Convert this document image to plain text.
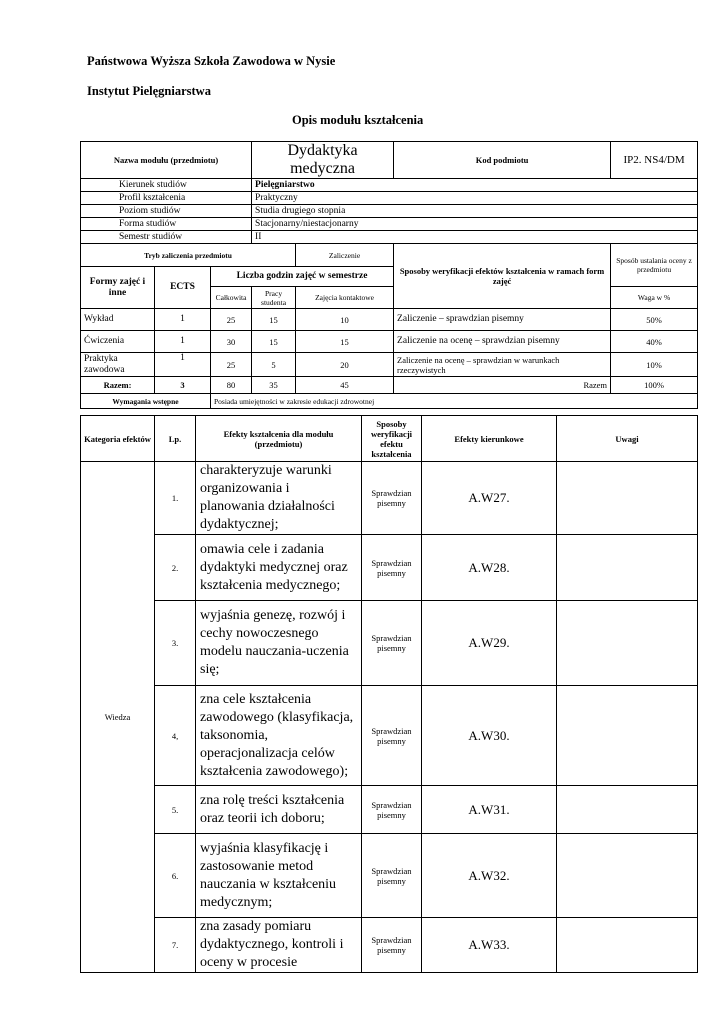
Państwowa Wyższa Szkoła Zawodowa w Nysie
Instytut Pielęgniarstwa
Opis modułu kształcenia
Nazwa modułu (przedmiotu)			Dydaktyka medyczna		Kod podmiotu	IP2. NS4/DM
Kierunek studiów			Pielęgniarstwo			
Profil kształcenia			Praktyczny			
Poziom studiów			Studia drugiego stopnia			
Forma studiów			Stacjonarny/niestacjonarny			
Semestr studiów			II			
Tryb zaliczenia przedmiotu				Zaliczenie	Sposoby weryfikacji efektów kształcenia w ramach form zajęć	Sposób ustalania oceny z przedmiotu
Formy zajęć i inne	ECTS	Liczba godzin zajęć w semestrze				
		Całkowita	Pracy studenta	Zajęcia kontaktowe		Waga w %
Wykład	1	25	15	10	Zaliczenie – sprawdzian pisemny	50%
Ćwiczenia	1	30	15	15	Zaliczenie na ocenę – sprawdzian pisemny	40%
Praktyka zawodowa	1	25	5	20	Zaliczenie na ocenę – sprawdzian w warunkach rzeczywistych	10%
Razem:	3	80	35	45	Razem	100%
Wymagania wstępne		Posiada umiejętności w zakresie edukacji zdrowotnej				
Kategoria efektów	Lp.	Efekty kształcenia dla modułu (przedmiotu)	Sposoby weryfikacji efektu kształcenia	Efekty kierunkowe	Uwagi
Wiedza	1.	charakteryzuje warunki organizowania i planowania działalności dydaktycznej;	Sprawdzian pisemny	A.W27.	
	2.	omawia cele i zadania dydaktyki medycznej oraz kształcenia medycznego;	Sprawdzian pisemny	A.W28.	
	3.	wyjaśnia genezę, rozwój i cechy nowoczesnego modelu nauczania-uczenia się;	Sprawdzian pisemny	A.W29.	
	4,	zna cele kształcenia zawodowego (klasyfikacja, taksonomia, operacjonalizacja celów kształcenia zawodowego);	Sprawdzian pisemny	A.W30.	
	5.	zna rolę treści kształcenia oraz teorii ich doboru;	Sprawdzian pisemny	A.W31.	
	6.	wyjaśnia klasyfikację i zastosowanie metod nauczania w kształceniu medycznym;	Sprawdzian pisemny	A.W32.	
	7.	zna zasady pomiaru dydaktycznego, kontroli i oceny w procesie	Sprawdzian pisemny	A.W33.	
